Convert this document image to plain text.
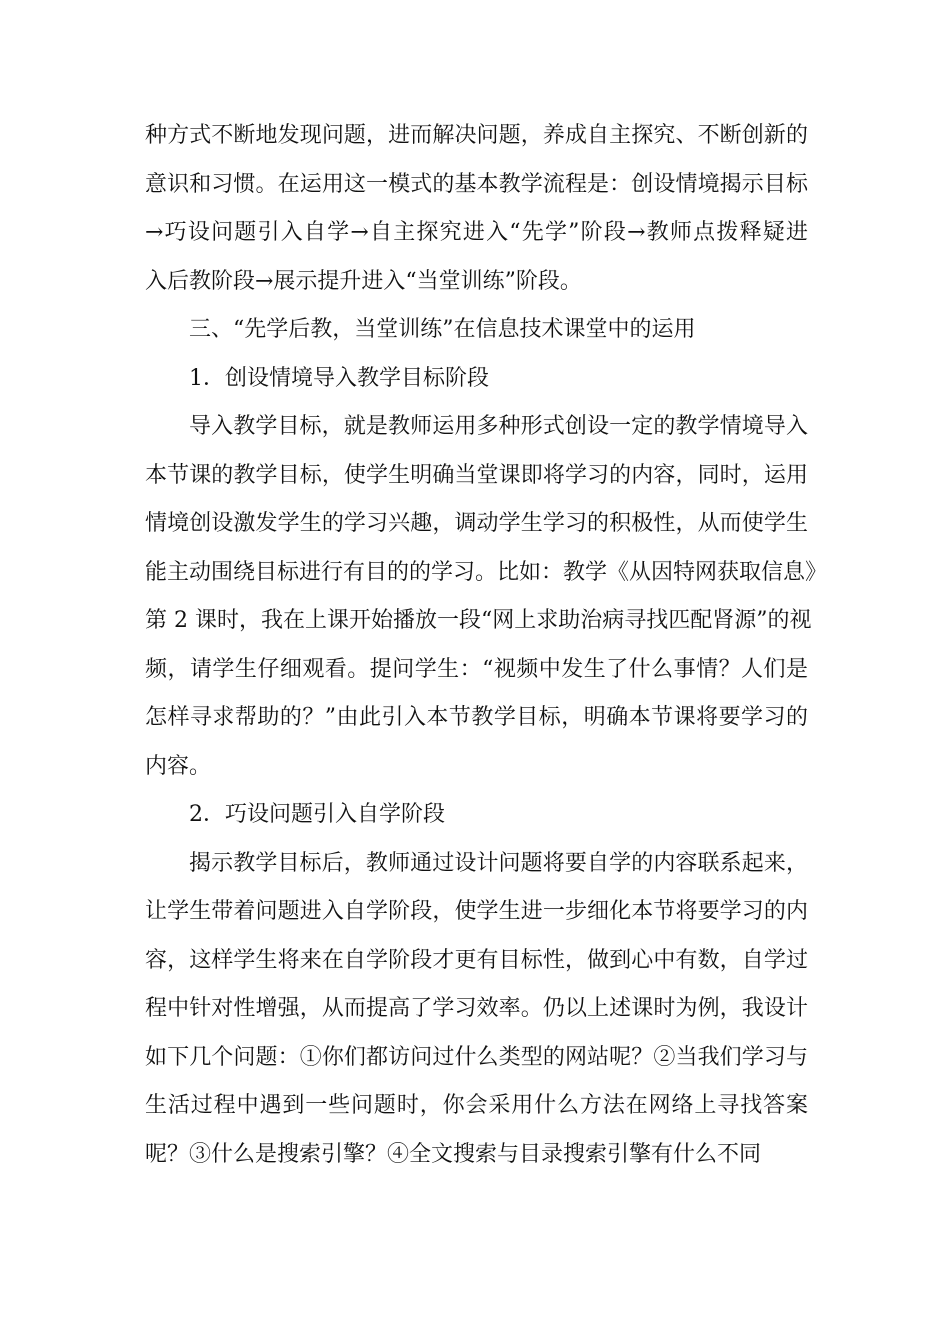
种方式不断地发现问题，进而解决问题，养成自主探究、不断创新的
意识和习惯。在运用这一模式的基本教学流程是：创设情境揭示目标
→巧设问题引入自学→自主探究进入“先学”阶段→教师点拨释疑进
入后教阶段→展示提升进入“当堂训练”阶段。
三、“先学后教，当堂训练”在信息技术课堂中的运用
1．创设情境导入教学目标阶段
导入教学目标，就是教师运用多种形式创设一定的教学情境导入
本节课的教学目标，使学生明确当堂课即将学习的内容，同时，运用
情境创设激发学生的学习兴趣，调动学生学习的积极性，从而使学生
能主动围绕目标进行有目的的学习。比如：教学《从因特网获取信息》
第 2 课时，我在上课开始播放一段“网上求助治病寻找匹配肾源”的视
频，请学生仔细观看。提问学生：“视频中发生了什么事情？人们是
怎样寻求帮助的？”由此引入本节教学目标，明确本节课将要学习的
内容。
2．巧设问题引入自学阶段
揭示教学目标后，教师通过设计问题将要自学的内容联系起来，
让学生带着问题进入自学阶段，使学生进一步细化本节将要学习的内
容，这样学生将来在自学阶段才更有目标性，做到心中有数，自学过
程中针对性增强，从而提高了学习效率。仍以上述课时为例，我设计
如下几个问题：①你们都访问过什么类型的网站呢？②当我们学习与
生活过程中遇到一些问题时，你会采用什么方法在网络上寻找答案
呢？③什么是搜索引擎？④全文搜索与目录搜索引擎有什么不同
